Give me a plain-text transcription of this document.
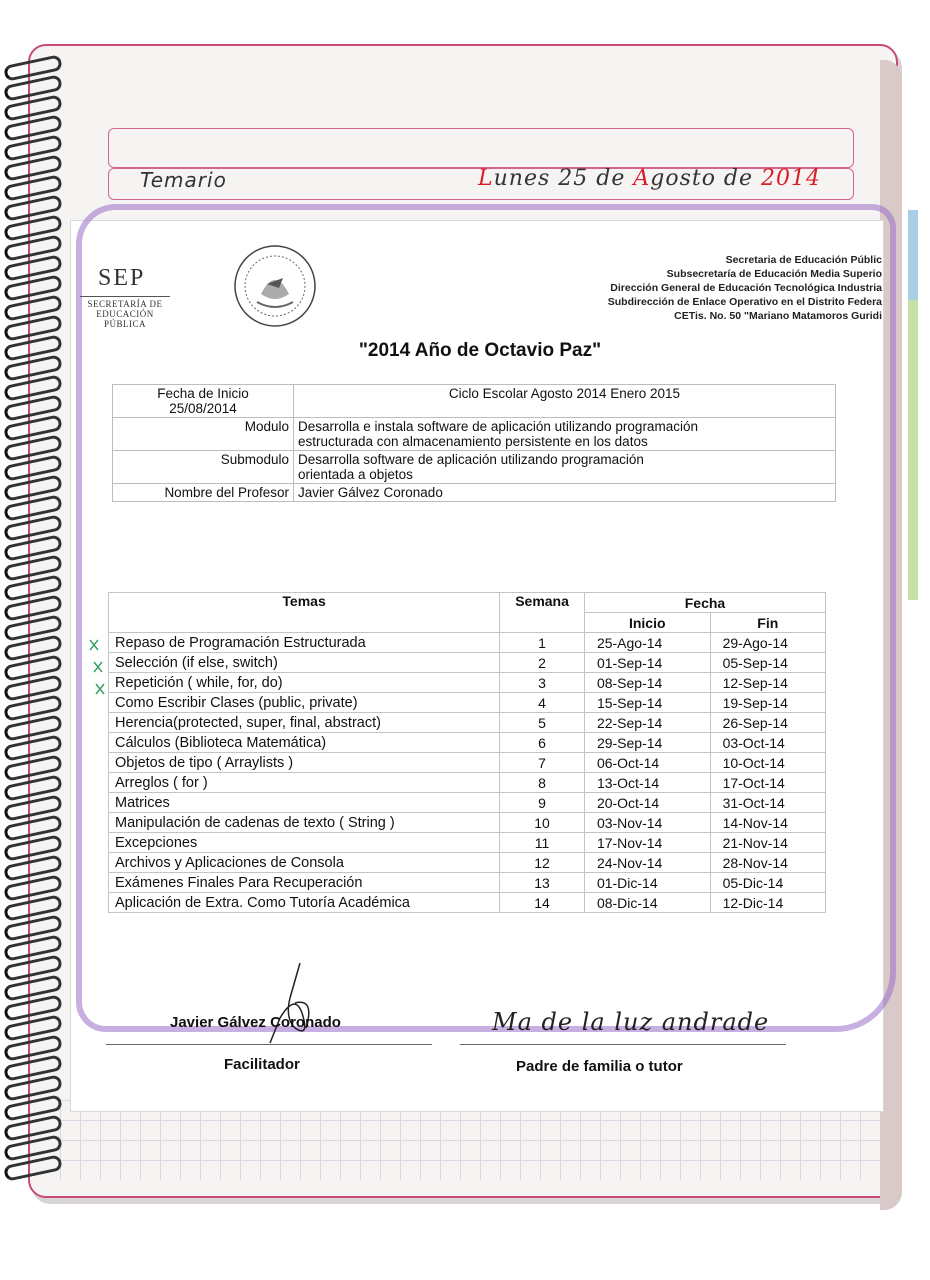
Temario	Lunes 25 de Agosto de 2014
SEP
SECRETARÍA DE
EDUCACIÓN PÚBLICA
Secretaria de Educación Públic
Subsecretaría de Educación Media Superio
Dirección General de Educación Tecnológica Industria
Subdirección de Enlace Operativo en el Distrito Federa
CETis. No. 50 "Mariano Matamoros Guridi
"2014 Año de Octavio Paz"
Fecha de Inicio
25/08/2014	Ciclo Escolar Agosto 2014 Enero 2015
Modulo	Desarrolla e instala software de aplicación utilizando programación
estructurada con almacenamiento persistente en los datos

Submodulo	Desarrolla software de aplicación utilizando programación
orientada a objetos

Nombre del Profesor	Javier Gálvez Coronado
Temas	Semana	Fecha	
		Inicio	Fin
Repaso de Programación Estructurada	1	25-Ago-14	29-Ago-14
Selección (if else, switch)	2	01-Sep-14	05-Sep-14
Repetición ( while, for, do)	3	08-Sep-14	12-Sep-14
Como Escribir Clases (public, private)	4	15-Sep-14	19-Sep-14
Herencia(protected, super, final, abstract)	5	22-Sep-14	26-Sep-14
Cálculos (Biblioteca Matemática)	6	29-Sep-14	03-Oct-14
Objetos de tipo ( Arraylists )	7	06-Oct-14	10-Oct-14
Arreglos ( for )	8	13-Oct-14	17-Oct-14
Matrices	9	20-Oct-14	31-Oct-14
Manipulación de cadenas de texto ( String )	10	03-Nov-14	14-Nov-14
Excepciones	11	17-Nov-14	21-Nov-14
Archivos y Aplicaciones de Consola	12	24-Nov-14	28-Nov-14
Exámenes Finales Para Recuperación	13	01-Dic-14	05-Dic-14
Aplicación de Extra. Como Tutoría Académica	14	08-Dic-14	12-Dic-14
Javier Gálvez Coronado
Facilitador
Ma de la luz andrade
Padre de familia o tutor
